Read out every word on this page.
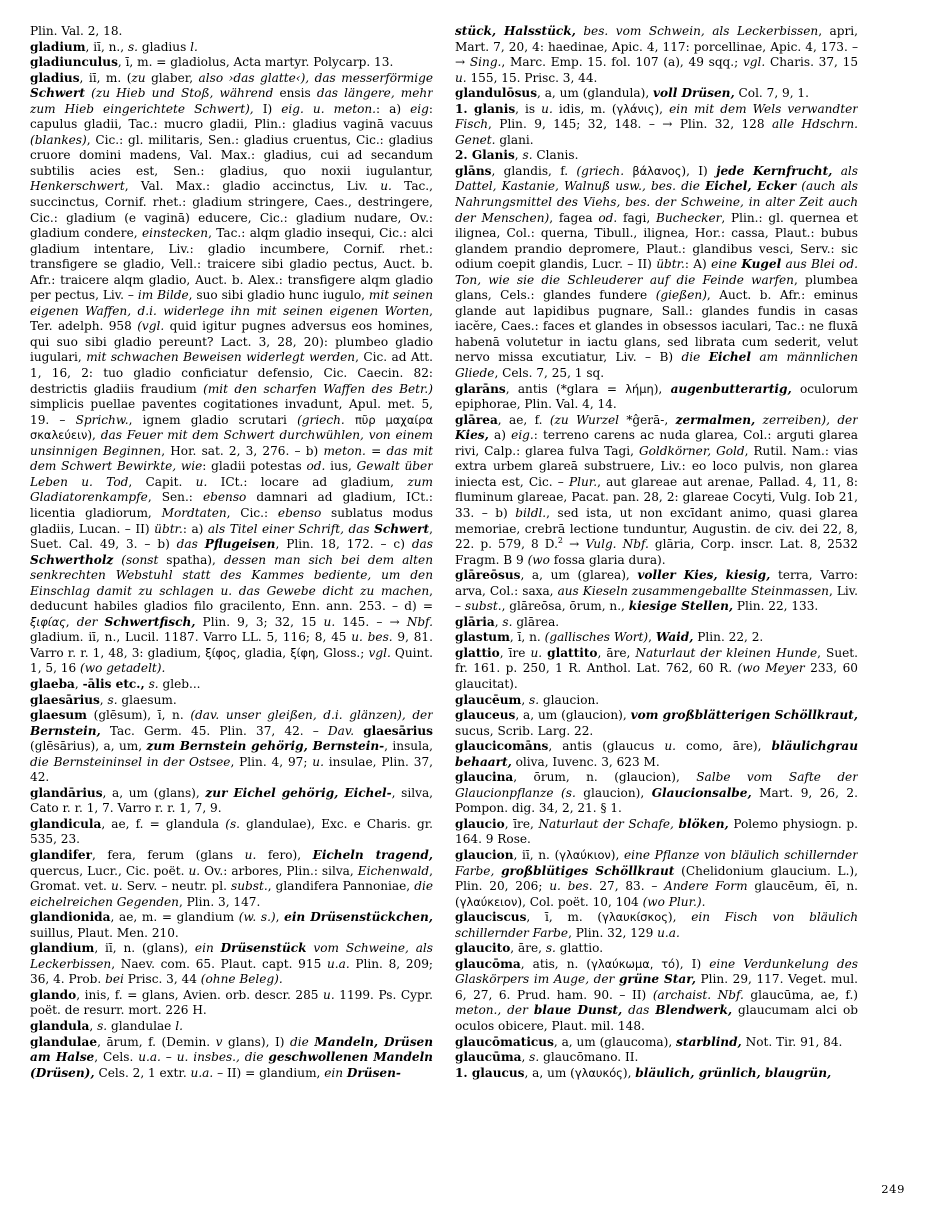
Plin. Val. 2, 18.

gladium, iī, n., s. gladius l.

gladiunculus, ī, m. = gladiolus, Acta martyr. Polycarp. 13.

gladius, iī, m. (zu glaber, also ›das glatte‹), das messerförmige Schwert (zu Hieb und Stoß, während ensis das längere, mehr zum Hieb eingerichtete Schwert), I) eig. u. meton.: a) eig: capulus gladii, Tac.: mucro gladii, Plin.: gladius vaginā vacuus (blankes), Cic.: gl. militaris, Sen.: gladius cruentus, Cic.: gladius cruore domini madens, Val. Max.: gladius, cui ad secandum subtilis acies est, Sen.: gladius, quo noxii iugulantur, Henkerschwert, Val. Max.: gladio accinctus, Liv. u. Tac., succinctus, Cornif. rhet.: gladium stringere, Caes., destringere, Cic.: gladium (e vaginā) educere, Cic.: gladium nudare, Ov.: gladium condere, einstecken, Tac.: alqm gladio insequi, Cic.: alci gladium intentare, Liv.: gladio incumbere, Cornif. rhet.: transfigere se gladio, Vell.: traicere sibi gladio pectus, Auct. b. Afr.: traicere alqm gladio, Auct. b. Alex.: transfigere alqm gladio per pectus, Liv. – im Bilde, suo sibi gladio hunc iugulo, mit seinen eigenen Waffen, d.i. widerlege ihn mit seinen eigenen Worten, Ter. adelph. 958 (vgl. quid igitur pugnes adversus eos homines, qui suo sibi gladio pereunt? Lact. 3, 28, 20): plumbeo gladio iugulari, mit schwachen Beweisen widerlegt werden, Cic. ad Att. 1, 16, 2: tuo gladio conficiatur defensio, Cic. Caecin. 82: destrictis gladiis fraudium (mit den scharfen Waffen des Betr.) simplicis puellae paventes cogitationes invadunt, Apul. met. 5, 19. – Sprichw., ignem gladio scrutari (griech. πῦρ μαχαίρα σκαλεύειν), das Feuer mit dem Schwert durchwühlen, von einem unsinnigen Beginnen, Hor. sat. 2, 3, 276. – b) meton. = das mit dem Schwert Bewirkte, wie: gladii potestas od. ius, Gewalt über Leben u. Tod, Capit. u. ICt.: locare ad gladium, zum Gladiatorenkampfe, Sen.: ebenso damnari ad gladium, ICt.: licentia gladiorum, Mordtaten, Cic.: ebenso sublatus modus gladiis, Lucan. – II) übtr.: a) als Titel einer Schrift, das Schwert, Suet. Cal. 49, 3. – b) das Pflugeisen, Plin. 18, 172. – c) das Schwertholz (sonst spatha), dessen man sich bei dem alten senkrechten Webstuhl statt des Kammes bediente, um den Einschlag damit zu schlagen u. das Gewebe dicht zu machen, deducunt habiles gladios filo gracilento, Enn. ann. 253. – d) = ξιφίας, der Schwertfisch, Plin. 9, 3; 32, 15 u. 145. – → Nbf. gladium. iī, n., Lucil. 1187. Varro LL. 5, 116; 8, 45 u. bes. 9, 81. Varro r. r. 1, 48, 3: gladium, ξίφος, gladia, ξίφη, Gloss.; vgl. Quint. 1, 5, 16 (wo getadelt).

glaeba, -ālis etc., s. gleb...

glaesārius, s. glaesum.

glaesum (glēsum), ī, n. (dav. unser gleißen, d.i. glänzen), der Bernstein, Tac. Germ. 45. Plin. 37, 42. – Dav. glaesārius (glēsārius), a, um, zum Bernstein gehörig, Bernstein-, insula, die Bernsteininsel in der Ostsee, Plin. 4, 97; u. insulae, Plin. 37, 42.

glandārius, a, um (glans), zur Eichel gehörig, Eichel-, silva, Cato r. r. 1, 7. Varro r. r. 1, 7, 9.

glandicula, ae, f. = glandula (s. glandulae), Exc. e Charis. gr. 535, 23.

glandifer, fera, ferum (glans u. fero), Eicheln tragend, quercus, Lucr., Cic. poët. u. Ov.: arbores, Plin.: silva, Eichenwald, Gromat. vet. u. Serv. – neutr. pl. subst., glandifera Pannoniae, die eichelreichen Gegenden, Plin. 3, 147.

glandionida, ae, m. = glandium (w. s.), ein Drüsenstückchen, suillus, Plaut. Men. 210.

glandium, iī, n. (glans), ein Drüsenstück vom Schweine, als Leckerbissen, Naev. com. 65. Plaut. capt. 915 u.a. Plin. 8, 209; 36, 4. Prob. bei Prisc. 3, 44 (ohne Beleg).

glando, inis, f. = glans, Avien. orb. descr. 285 u. 1199. Ps. Cypr. poët. de resurr. mort. 226 H.

glandula, s. glandulae l.

glandulae, ārum, f. (Demin. v glans), I) die Mandeln, Drüsen am Halse, Cels. u.a. – u. insbes., die geschwollenen Mandeln (Drüsen), Cels. 2, 1 extr. u.a. – II) = glandium, ein Drüsen-

stück, Halsstück, bes. vom Schwein, als Leckerbissen, apri, Mart. 7, 20, 4: haedinae, Apic. 4, 117: porcellinae, Apic. 4, 173. – → Sing., Marc. Emp. 15. fol. 107 (a), 49 sqq.; vgl. Charis. 37, 15 u. 155, 15. Prisc. 3, 44.

glandulōsus, a, um (glandula), voll Drüsen, Col. 7, 9, 1.

1. glanis, is u. idis, m. (γλάνις), ein mit dem Wels verwandter Fisch, Plin. 9, 145; 32, 148. – → Plin. 32, 128 alle Hdschrn. Genet. glani.

2. Glanis, s. Clanis.

glāns, glandis, f. (griech. βάλανος), I) jede Kernfrucht, als Dattel, Kastanie, Walnuß usw., bes. die Eichel, Ecker (auch als Nahrungsmittel des Viehs, bes. der Schweine, in alter Zeit auch der Menschen), fagea od. fagi, Buchecker, Plin.: gl. quernea et ilignea, Col.: querna, Tibull., ilignea, Hor.: cassa, Plaut.: bubus glandem prandio depromere, Plaut.: glandibus vesci, Serv.: sic odium coepit glandis, Lucr. – II) übtr.: A) eine Kugel aus Blei od. Ton, wie sie die Schleuderer auf die Feinde warfen, plumbea glans, Cels.: glandes fundere (gießen), Auct. b. Afr.: eminus glande aut lapidibus pugnare, Sall.: glandes fundis in casas iacĕre, Caes.: faces et glandes in obsessos iaculari, Tac.: ne fluxā habenā volutetur in iactu glans, sed librata cum sederit, velut nervo missa excutiatur, Liv. – B) die Eichel am männlichen Gliede, Cels. 7, 25, 1 sq.

glarāns, antis (*glara = λήμη), augenbutterartig, oculorum epiphorae, Plin. Val. 4, 14.

glārea, ae, f. (zu Wurzel *ĝerā-, zermalmen, zerreiben), der Kies, a) eig.: terreno carens ac nuda glarea, Col.: arguti glarea rivi, Calp.: glarea fulva Tagi, Goldkörner, Gold, Rutil. Nam.: vias extra urbem glareā substruere, Liv.: eo loco pulvis, non glarea iniecta est, Cic. – Plur., aut glareae aut arenae, Pallad. 4, 11, 8: fluminum glareae, Pacat. pan. 28, 2: glareae Cocyti, Vulg. Iob 21, 33. – b) bildl., sed ista, ut non excīdant animo, quasi glarea memoriae, crebrā lectione tunduntur, Augustin. de civ. dei 22, 8, 22. p. 579, 8 D.$^2$ → Vulg. Nbf. glāria, Corp. inscr. Lat. 8, 2532 Fragm. B 9 (wo fossa glaria dura).

glāreōsus, a, um (glarea), voller Kies, kiesig, terra, Varro: arva, Col.: saxa, aus Kieseln zusammengeballte Steinmassen, Liv. – subst., glāreōsa, ōrum, n., kiesige Stellen, Plin. 22, 133.

glāria, s. glārea.

glastum, ī, n. (gallisches Wort), Waid, Plin. 22, 2.

glattio, īre u. glattito, āre, Naturlaut der kleinen Hunde, Suet. fr. 161. p. 250, 1 R. Anthol. Lat. 762, 60 R. (wo Meyer 233, 60 glaucitat).

glaucēum, s. glaucion.

glauceus, a, um (glaucion), vom großblätterigen Schöllkraut, sucus, Scrib. Larg. 22.

glaucicomāns, antis (glaucus u. como, āre), bläulichgrau behaart, oliva, Iuvenc. 3, 623 M.

glaucina, ōrum, n. (glaucion), Salbe vom Safte der Glaucionpflanze (s. glaucion), Glaucionsalbe, Mart. 9, 26, 2. Pompon. dig. 34, 2, 21. § 1.

glaucio, īre, Naturlaut der Schafe, blöken, Polemo physiogn. p. 164. 9 Rose.

glaucion, iī, n. (γλαύκιον), eine Pflanze von bläulich schillernder Farbe, großblütiges Schöllkraut (Chelidonium glaucium. L.), Plin. 20, 206; u. bes. 27, 83. – Andere Form glaucēum, ēī, n. (γλαύκειον), Col. poët. 10, 104 (wo Plur.).

glauciscus, ī, m. (γλαυκίσκος), ein Fisch von bläulich schillernder Farbe, Plin. 32, 129 u.a.

glaucito, āre, s. glattio.

glaucōma, atis, n. (γλαύκωμα, τό), I) eine Verdunkelung des Glaskörpers im Auge, der grüne Star, Plin. 29, 117. Veget. mul. 6, 27, 6. Prud. ham. 90. – II) (archaist. Nbf. glaucūma, ae, f.) meton., der blaue Dunst, das Blendwerk, glaucumam alci ob oculos obicere, Plaut. mil. 148.

glaucōmaticus, a, um (glaucoma), starblind, Not. Tir. 91, 84.

glaucūma, s. glaucōmano. II.

1. glaucus, a, um (γλαυκός), bläulich, grünlich, blaugrün,

249
